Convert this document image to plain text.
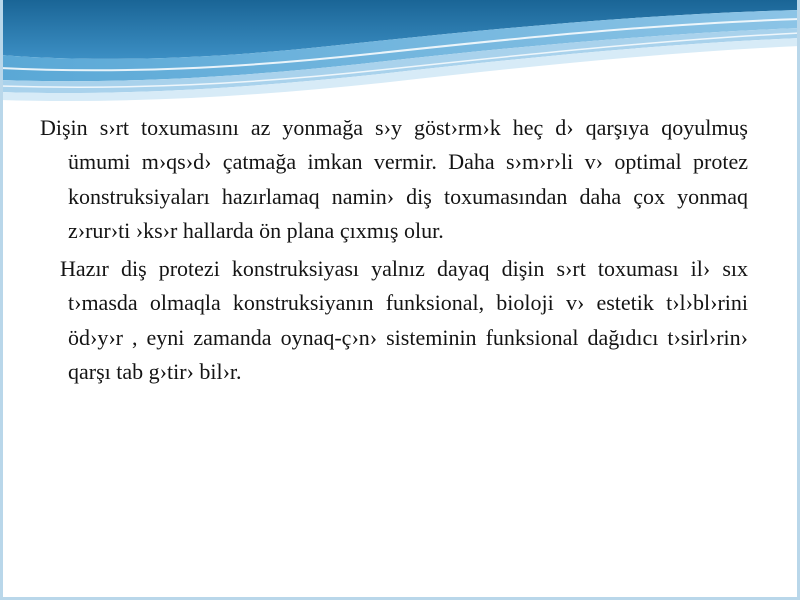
Dişin s›rt toxumasını az yonmağa s›y göst›rm›k heç d› qarşıya qoyulmuş ümumi m›qs›d› çatmağa imkan vermir. Daha s›m›r›li v› optimal protez konstruksiyaları hazırlamaq namin› diş toxumasından daha çox yonmaq z›rur›ti ›ks›r hallarda ön plana çıxmış olur.

Hazır diş protezi konstruksiyası yalnız dayaq dişin s›rt toxuması il› sıx t›masda olmaqla konstruksiyanın funksional, bioloji v› estetik t›l›bl›rini öd›y›r , eyni zamanda oynaq-ç›n› sisteminin funksional dağıdıcı t›sirl›rin› qarşı tab g›tir› bil›r.
